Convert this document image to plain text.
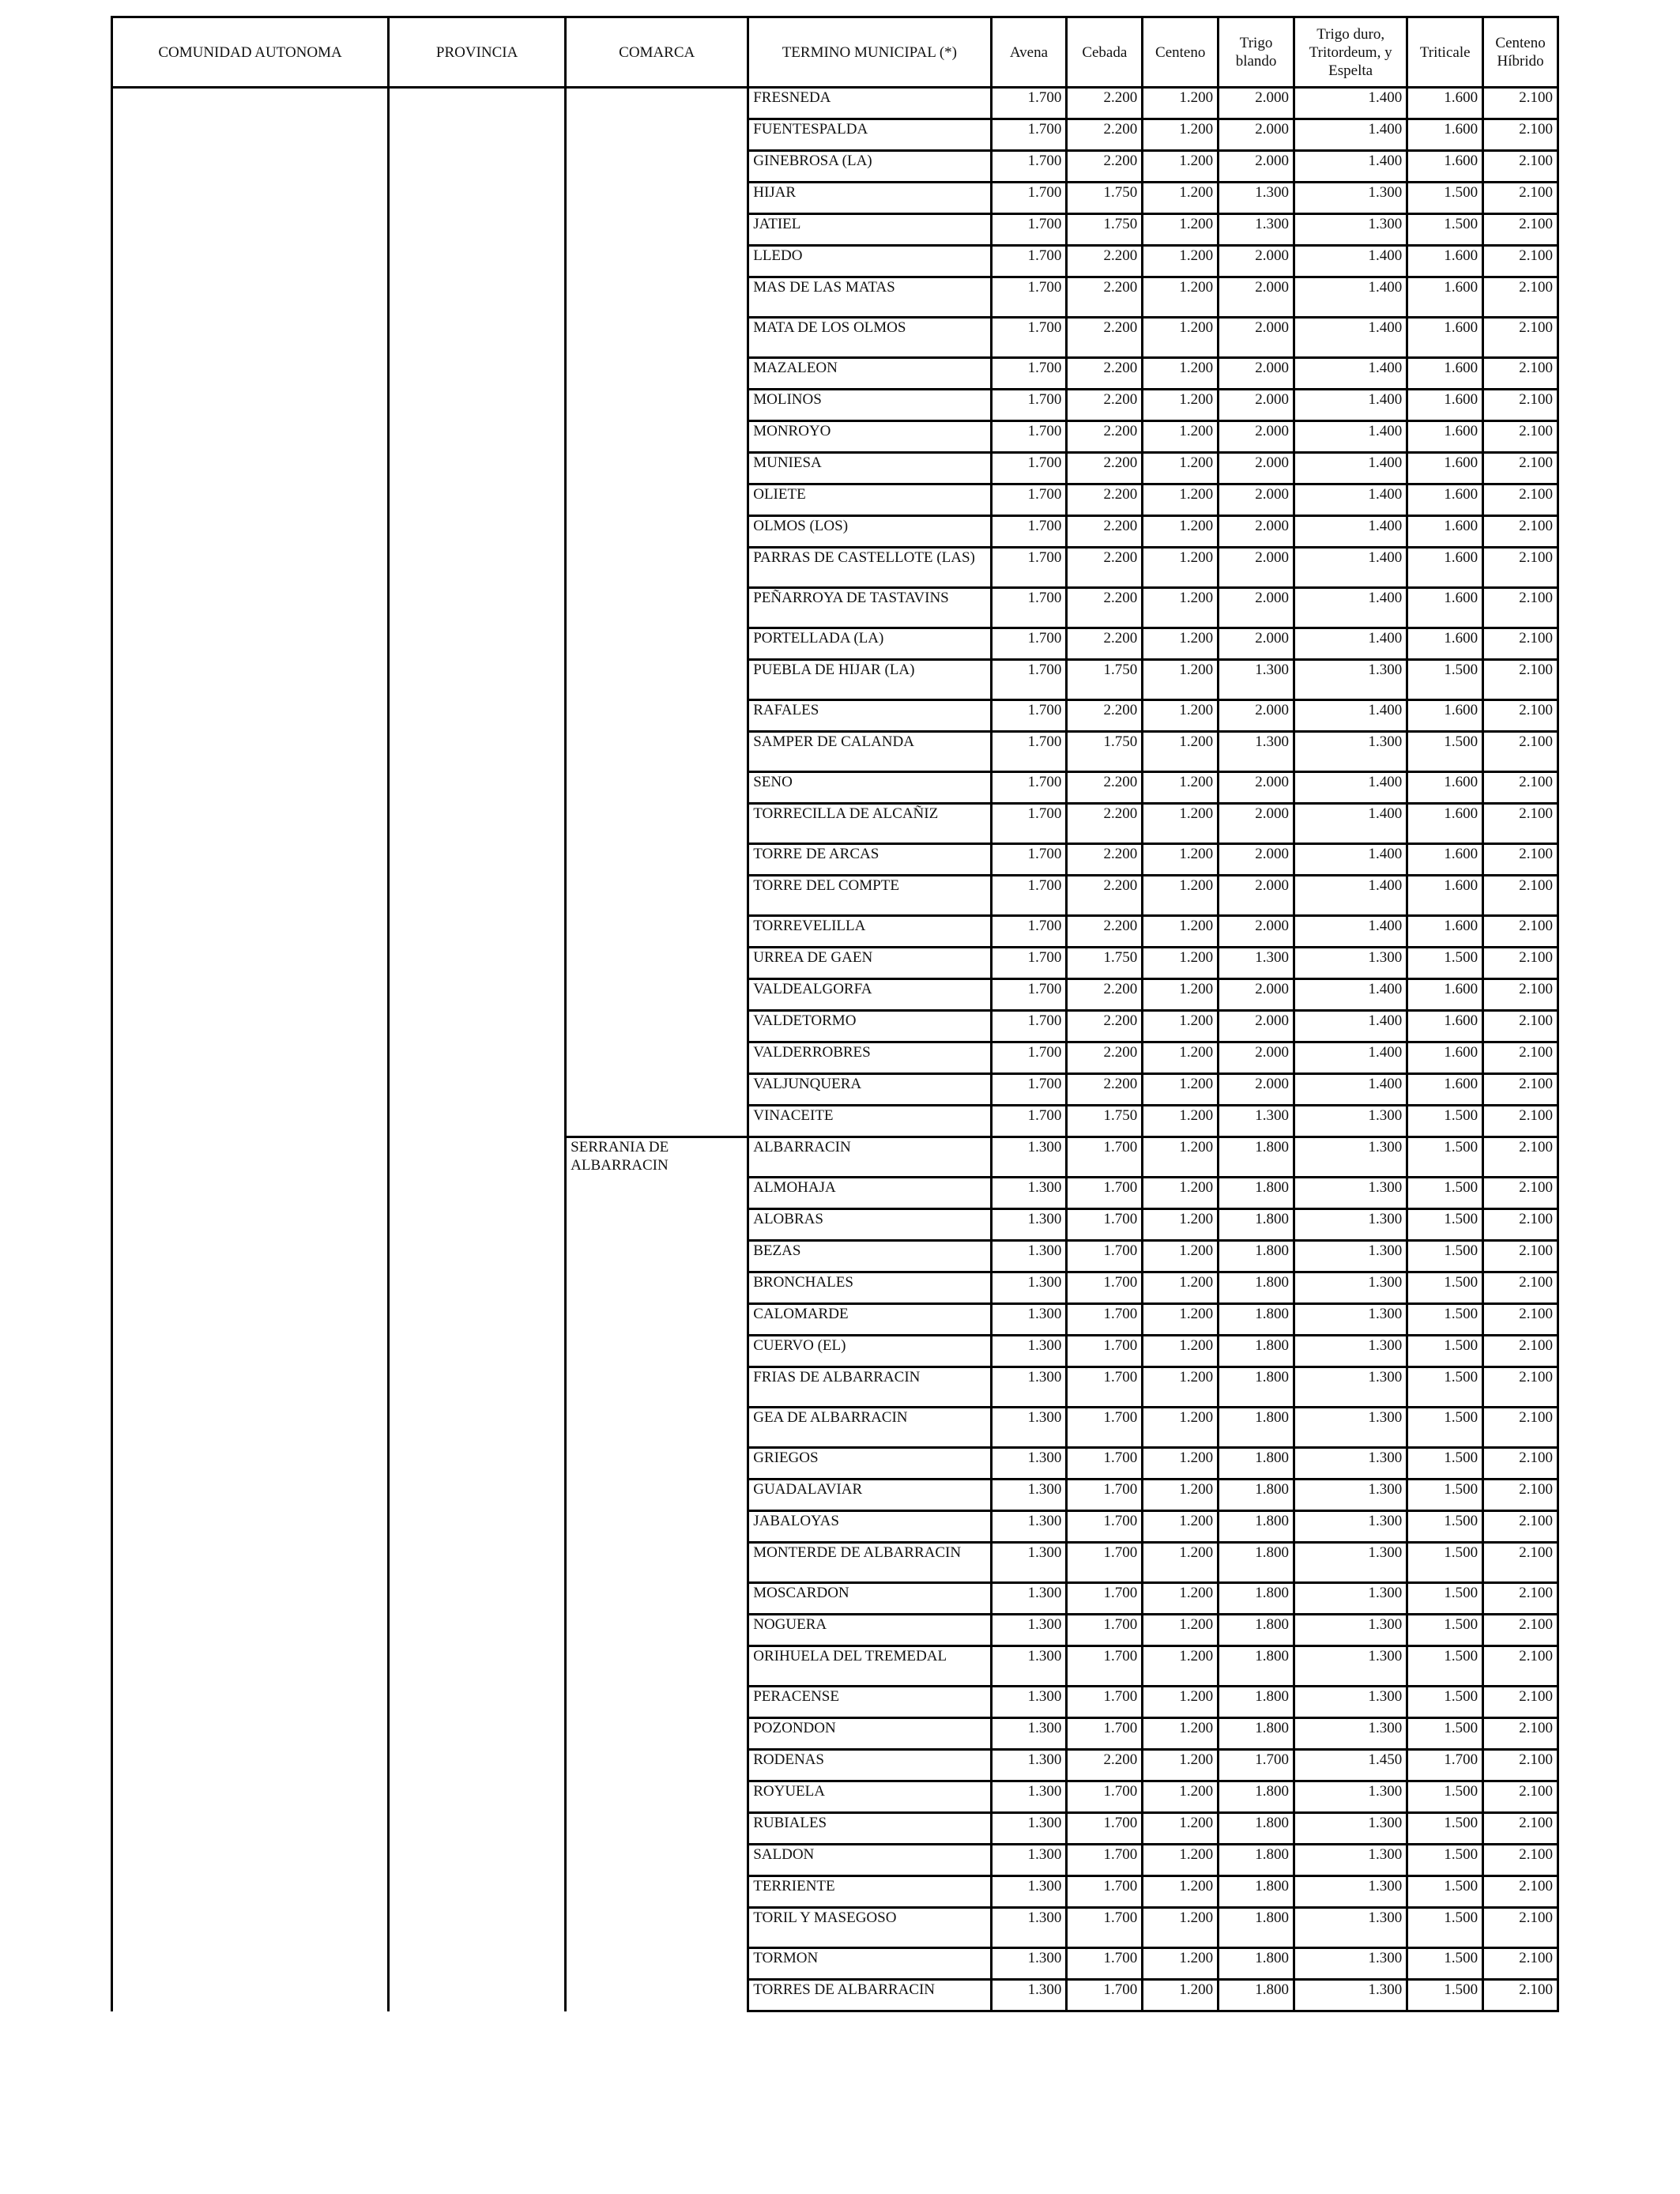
COMUNIDAD AUTONOMA	PROVINCIA	COMARCA	TERMINO MUNICIPAL (*)	Avena	Cebada	Centeno	Trigo blando	Trigo duro, Tritordeum, y Espelta	Triticale	Centeno Híbrido
			FRESNEDA	1.700	2.200	1.200	2.000	1.400	1.600	2.100
			FUENTESPALDA	1.700	2.200	1.200	2.000	1.400	1.600	2.100
			GINEBROSA (LA)	1.700	2.200	1.200	2.000	1.400	1.600	2.100
			HIJAR	1.700	1.750	1.200	1.300	1.300	1.500	2.100
			JATIEL	1.700	1.750	1.200	1.300	1.300	1.500	2.100
			LLEDO	1.700	2.200	1.200	2.000	1.400	1.600	2.100
			MAS DE LAS MATAS	1.700	2.200	1.200	2.000	1.400	1.600	2.100
			MATA DE LOS OLMOS	1.700	2.200	1.200	2.000	1.400	1.600	2.100
			MAZALEON	1.700	2.200	1.200	2.000	1.400	1.600	2.100
			MOLINOS	1.700	2.200	1.200	2.000	1.400	1.600	2.100
			MONROYO	1.700	2.200	1.200	2.000	1.400	1.600	2.100
			MUNIESA	1.700	2.200	1.200	2.000	1.400	1.600	2.100
			OLIETE	1.700	2.200	1.200	2.000	1.400	1.600	2.100
			OLMOS (LOS)	1.700	2.200	1.200	2.000	1.400	1.600	2.100
			PARRAS DE CASTELLOTE (LAS)	1.700	2.200	1.200	2.000	1.400	1.600	2.100
			PEÑARROYA DE TASTAVINS	1.700	2.200	1.200	2.000	1.400	1.600	2.100
			PORTELLADA (LA)	1.700	2.200	1.200	2.000	1.400	1.600	2.100
			PUEBLA DE HIJAR (LA)	1.700	1.750	1.200	1.300	1.300	1.500	2.100
			RAFALES	1.700	2.200	1.200	2.000	1.400	1.600	2.100
			SAMPER DE CALANDA	1.700	1.750	1.200	1.300	1.300	1.500	2.100
			SENO	1.700	2.200	1.200	2.000	1.400	1.600	2.100
			TORRECILLA DE ALCAÑIZ	1.700	2.200	1.200	2.000	1.400	1.600	2.100
			TORRE DE ARCAS	1.700	2.200	1.200	2.000	1.400	1.600	2.100
			TORRE DEL COMPTE	1.700	2.200	1.200	2.000	1.400	1.600	2.100
			TORREVELILLA	1.700	2.200	1.200	2.000	1.400	1.600	2.100
			URREA DE GAEN	1.700	1.750	1.200	1.300	1.300	1.500	2.100
			VALDEALGORFA	1.700	2.200	1.200	2.000	1.400	1.600	2.100
			VALDETORMO	1.700	2.200	1.200	2.000	1.400	1.600	2.100
			VALDERROBRES	1.700	2.200	1.200	2.000	1.400	1.600	2.100
			VALJUNQUERA	1.700	2.200	1.200	2.000	1.400	1.600	2.100
			VINACEITE	1.700	1.750	1.200	1.300	1.300	1.500	2.100
		SERRANIA DE ALBARRACIN	ALBARRACIN	1.300	1.700	1.200	1.800	1.300	1.500	2.100
			ALMOHAJA	1.300	1.700	1.200	1.800	1.300	1.500	2.100
			ALOBRAS	1.300	1.700	1.200	1.800	1.300	1.500	2.100
			BEZAS	1.300	1.700	1.200	1.800	1.300	1.500	2.100
			BRONCHALES	1.300	1.700	1.200	1.800	1.300	1.500	2.100
			CALOMARDE	1.300	1.700	1.200	1.800	1.300	1.500	2.100
			CUERVO (EL)	1.300	1.700	1.200	1.800	1.300	1.500	2.100
			FRIAS DE ALBARRACIN	1.300	1.700	1.200	1.800	1.300	1.500	2.100
			GEA DE ALBARRACIN	1.300	1.700	1.200	1.800	1.300	1.500	2.100
			GRIEGOS	1.300	1.700	1.200	1.800	1.300	1.500	2.100
			GUADALAVIAR	1.300	1.700	1.200	1.800	1.300	1.500	2.100
			JABALOYAS	1.300	1.700	1.200	1.800	1.300	1.500	2.100
			MONTERDE DE ALBARRACIN	1.300	1.700	1.200	1.800	1.300	1.500	2.100
			MOSCARDON	1.300	1.700	1.200	1.800	1.300	1.500	2.100
			NOGUERA	1.300	1.700	1.200	1.800	1.300	1.500	2.100
			ORIHUELA DEL TREMEDAL	1.300	1.700	1.200	1.800	1.300	1.500	2.100
			PERACENSE	1.300	1.700	1.200	1.800	1.300	1.500	2.100
			POZONDON	1.300	1.700	1.200	1.800	1.300	1.500	2.100
			RODENAS	1.300	2.200	1.200	1.700	1.450	1.700	2.100
			ROYUELA	1.300	1.700	1.200	1.800	1.300	1.500	2.100
			RUBIALES	1.300	1.700	1.200	1.800	1.300	1.500	2.100
			SALDON	1.300	1.700	1.200	1.800	1.300	1.500	2.100
			TERRIENTE	1.300	1.700	1.200	1.800	1.300	1.500	2.100
			TORIL Y MASEGOSO	1.300	1.700	1.200	1.800	1.300	1.500	2.100
			TORMON	1.300	1.700	1.200	1.800	1.300	1.500	2.100
			TORRES DE ALBARRACIN	1.300	1.700	1.200	1.800	1.300	1.500	2.100
